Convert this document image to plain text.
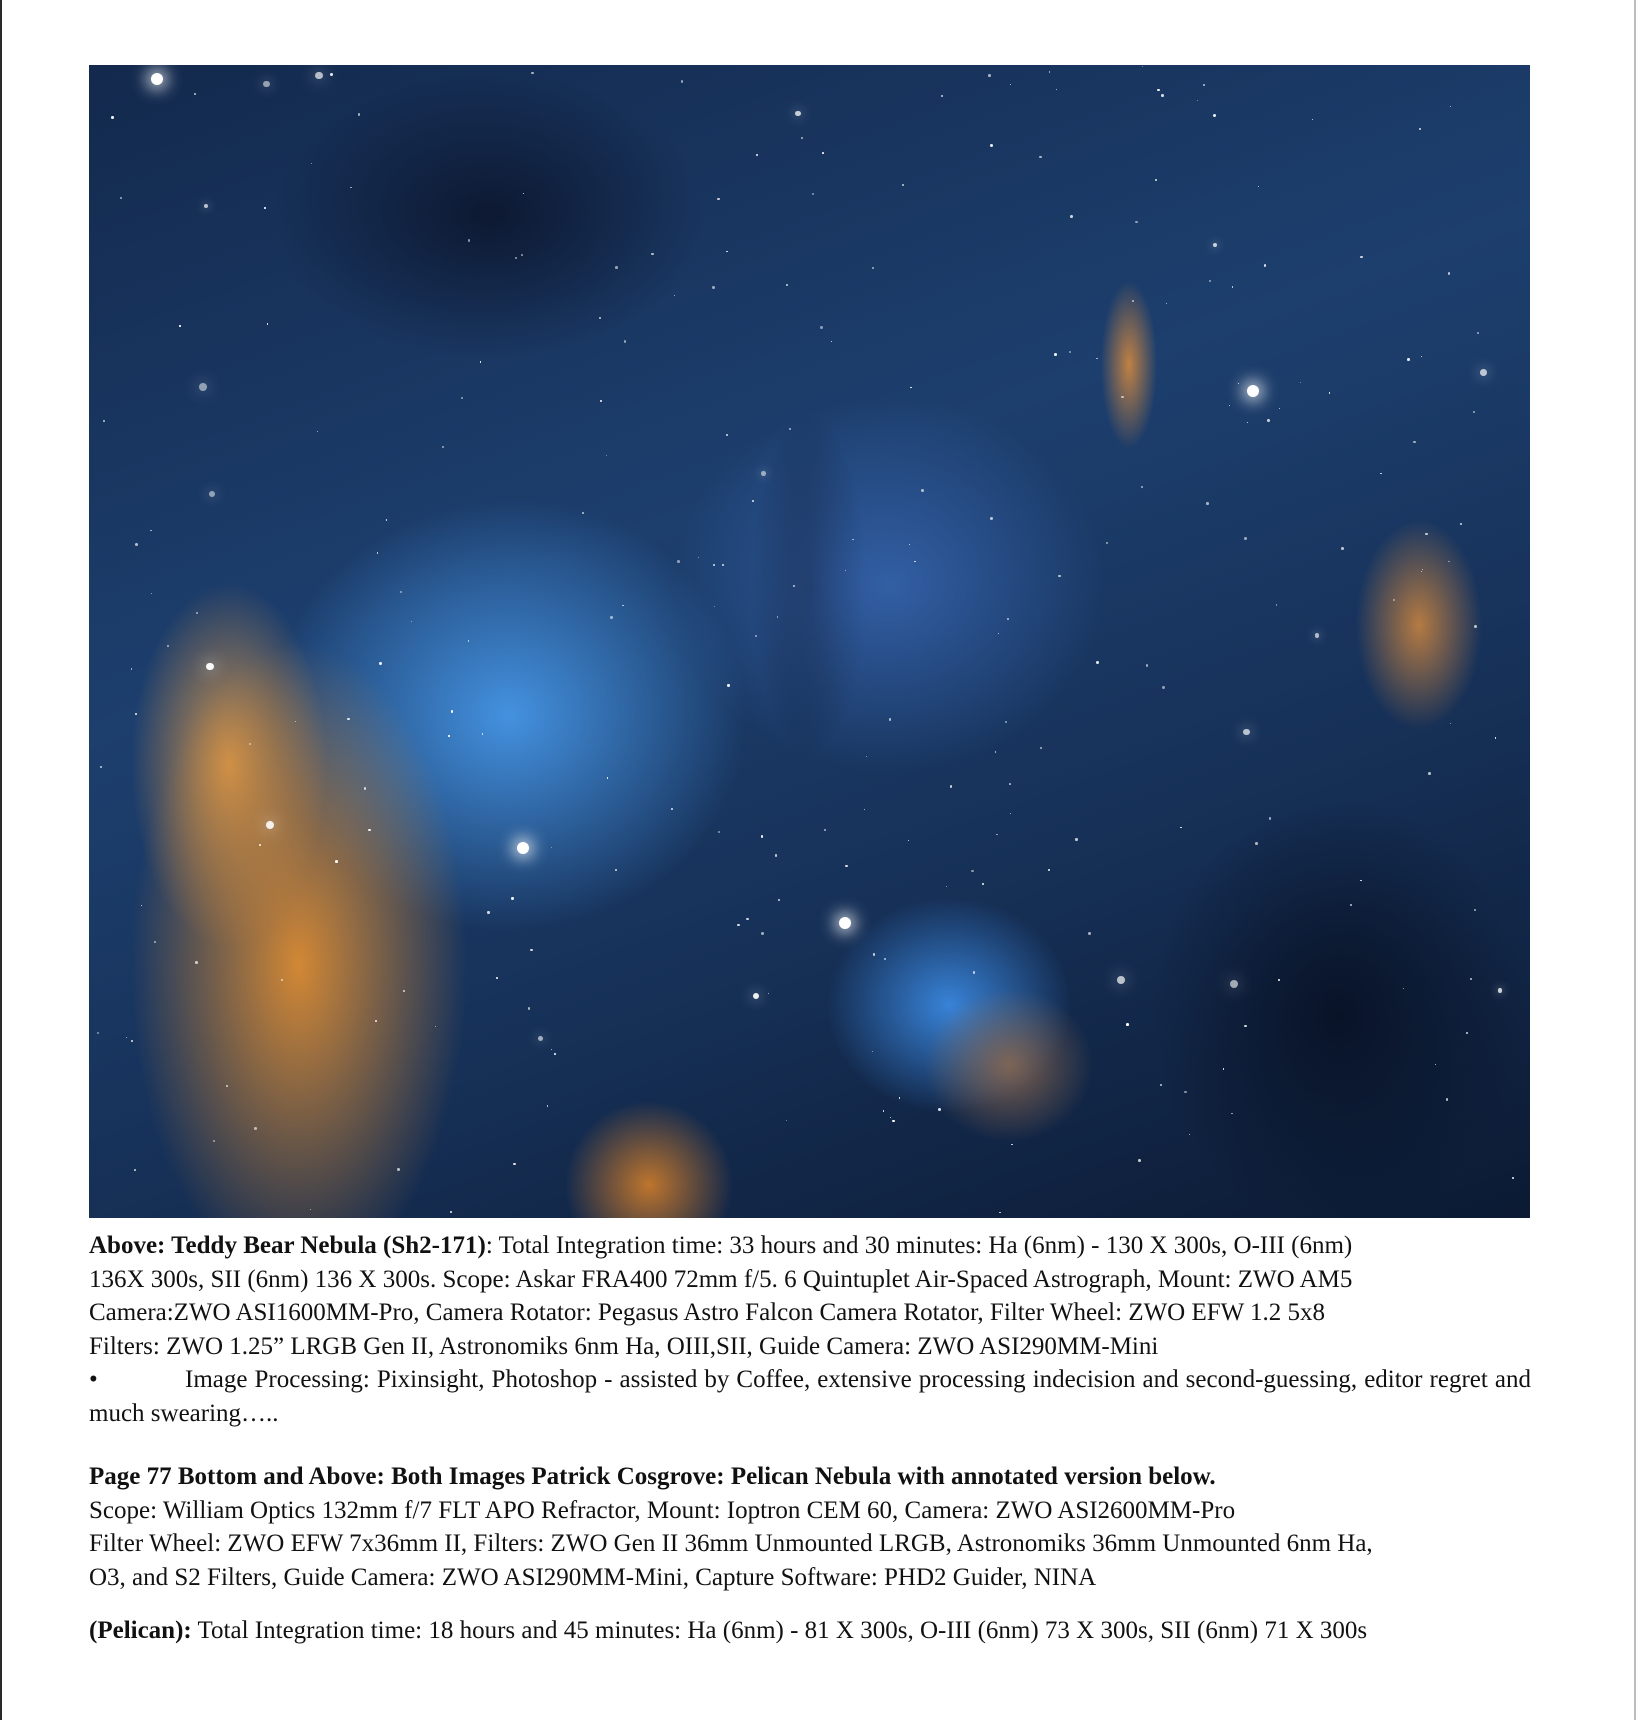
Above: Teddy Bear Nebula (Sh2-171): Total Integration time: 33 hours and 30 minutes: Ha (6nm) - 130 X 300s, O-III (6nm)
136X 300s, SII (6nm) 136 X 300s. Scope: Askar FRA400 72mm f/5. 6 Quintuplet Air-Spaced Astrograph, Mount: ZWO AM5
Camera:ZWO ASI1600MM-Pro, Camera Rotator: Pegasus Astro Falcon Camera Rotator, Filter Wheel: ZWO EFW 1.2 5x8
Filters: ZWO 1.25” LRGB Gen II, Astronomiks 6nm Ha, OIII,SII, Guide Camera: ZWO ASI290MM-Mini

•	Image Processing: Pixinsight, Photoshop - assisted by Coffee, extensive processing indecision and second-guessing, editor regret and much swearing…..

Page 77 Bottom and Above: Both Images Patrick Cosgrove: Pelican Nebula with annotated version below.
Scope: William Optics 132mm f/7 FLT APO Refractor, Mount: Ioptron CEM 60, Camera: ZWO ASI2600MM-Pro
Filter Wheel: ZWO EFW 7x36mm II, Filters: ZWO Gen II 36mm Unmounted LRGB, Astronomiks 36mm Unmounted 6nm Ha,
O3, and S2 Filters, Guide Camera: ZWO ASI290MM-Mini, Capture Software: PHD2 Guider, NINA

(Pelican): Total Integration time: 18 hours and 45 minutes: Ha (6nm) - 81 X 300s, O-III (6nm) 73 X 300s, SII (6nm) 71 X 300s
